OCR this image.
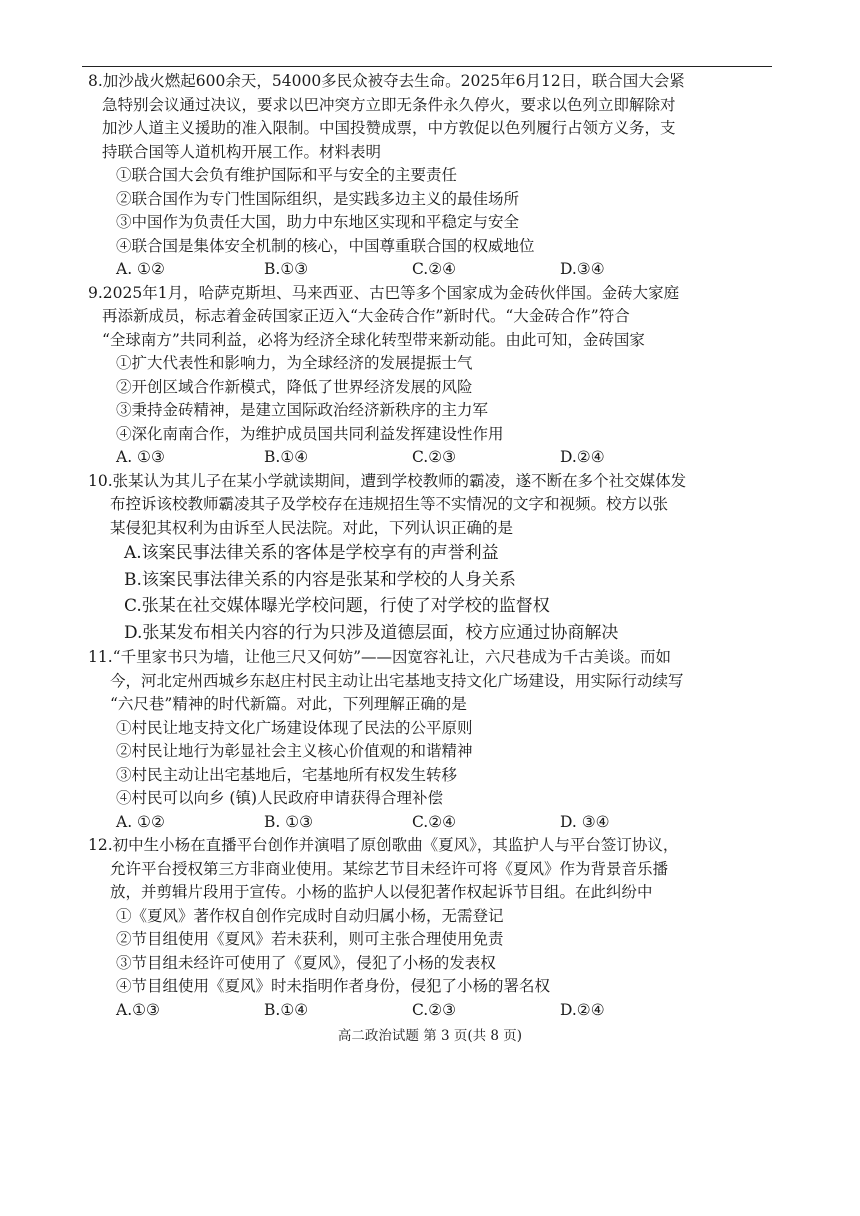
8.加沙战火燃起600余天，54000多民众被夺去生命。2025年6月12日，联合国大会紧
急特别会议通过决议，要求以巴冲突方立即无条件永久停火，要求以色列立即解除对
加沙人道主义援助的准入限制。中国投赞成票，中方敦促以色列履行占领方义务，支
持联合国等人道机构开展工作。材料表明
①联合国大会负有维护国际和平与安全的主要责任
②联合国作为专门性国际组织，是实践多边主义的最佳场所
③中国作为负责任大国，助力中东地区实现和平稳定与安全
④联合国是集体安全机制的核心，中国尊重联合国的权威地位
A. ①②	B.①③	C.②④	D.③④
9.2025年1月，哈萨克斯坦、马来西亚、古巴等多个国家成为金砖伙伴国。金砖大家庭
再添新成员，标志着金砖国家正迈入“大金砖合作”新时代。“大金砖合作”符合
“全球南方”共同利益，必将为经济全球化转型带来新动能。由此可知，金砖国家
①扩大代表性和影响力，为全球经济的发展提振士气
②开创区域合作新模式，降低了世界经济发展的风险
③秉持金砖精神，是建立国际政治经济新秩序的主力军
④深化南南合作，为维护成员国共同利益发挥建设性作用
A. ①③	B.①④	C.②③	D.②④
10.张某认为其儿子在某小学就读期间，遭到学校教师的霸凌，遂不断在多个社交媒体发
布控诉该校教师霸凌其子及学校存在违规招生等不实情况的文字和视频。校方以张
某侵犯其权利为由诉至人民法院。对此，下列认识正确的是
A.该案民事法律关系的客体是学校享有的声誉利益
B.该案民事法律关系的内容是张某和学校的人身关系
C.张某在社交媒体曝光学校问题，行使了对学校的监督权
D.张某发布相关内容的行为只涉及道德层面，校方应通过协商解决
11.“千里家书只为墙，让他三尺又何妨”——因宽容礼让，六尺巷成为千古美谈。而如
今，河北定州西城乡东赵庄村民主动让出宅基地支持文化广场建设，用实际行动续写
“六尺巷”精神的时代新篇。对此，下列理解正确的是
①村民让地支持文化广场建设体现了民法的公平原则
②村民让地行为彰显社会主义核心价值观的和谐精神
③村民主动让出宅基地后，宅基地所有权发生转移
④村民可以向乡 (镇)人民政府申请获得合理补偿
A. ①②	B. ①③	C.②④	D. ③④
12.初中生小杨在直播平台创作并演唱了原创歌曲《夏风》，其监护人与平台签订协议，
允许平台授权第三方非商业使用。某综艺节目未经许可将《夏风》作为背景音乐播
放，并剪辑片段用于宣传。小杨的监护人以侵犯著作权起诉节目组。在此纠纷中
①《夏风》著作权自创作完成时自动归属小杨，无需登记
②节目组使用《夏风》若未获利，则可主张合理使用免责
③节目组未经许可使用了《夏风》，侵犯了小杨的发表权
④节目组使用《夏风》时未指明作者身份，侵犯了小杨的署名权
A.①③	B.①④	C.②③	D.②④
高二政治试题 第 3 页(共 8 页)
